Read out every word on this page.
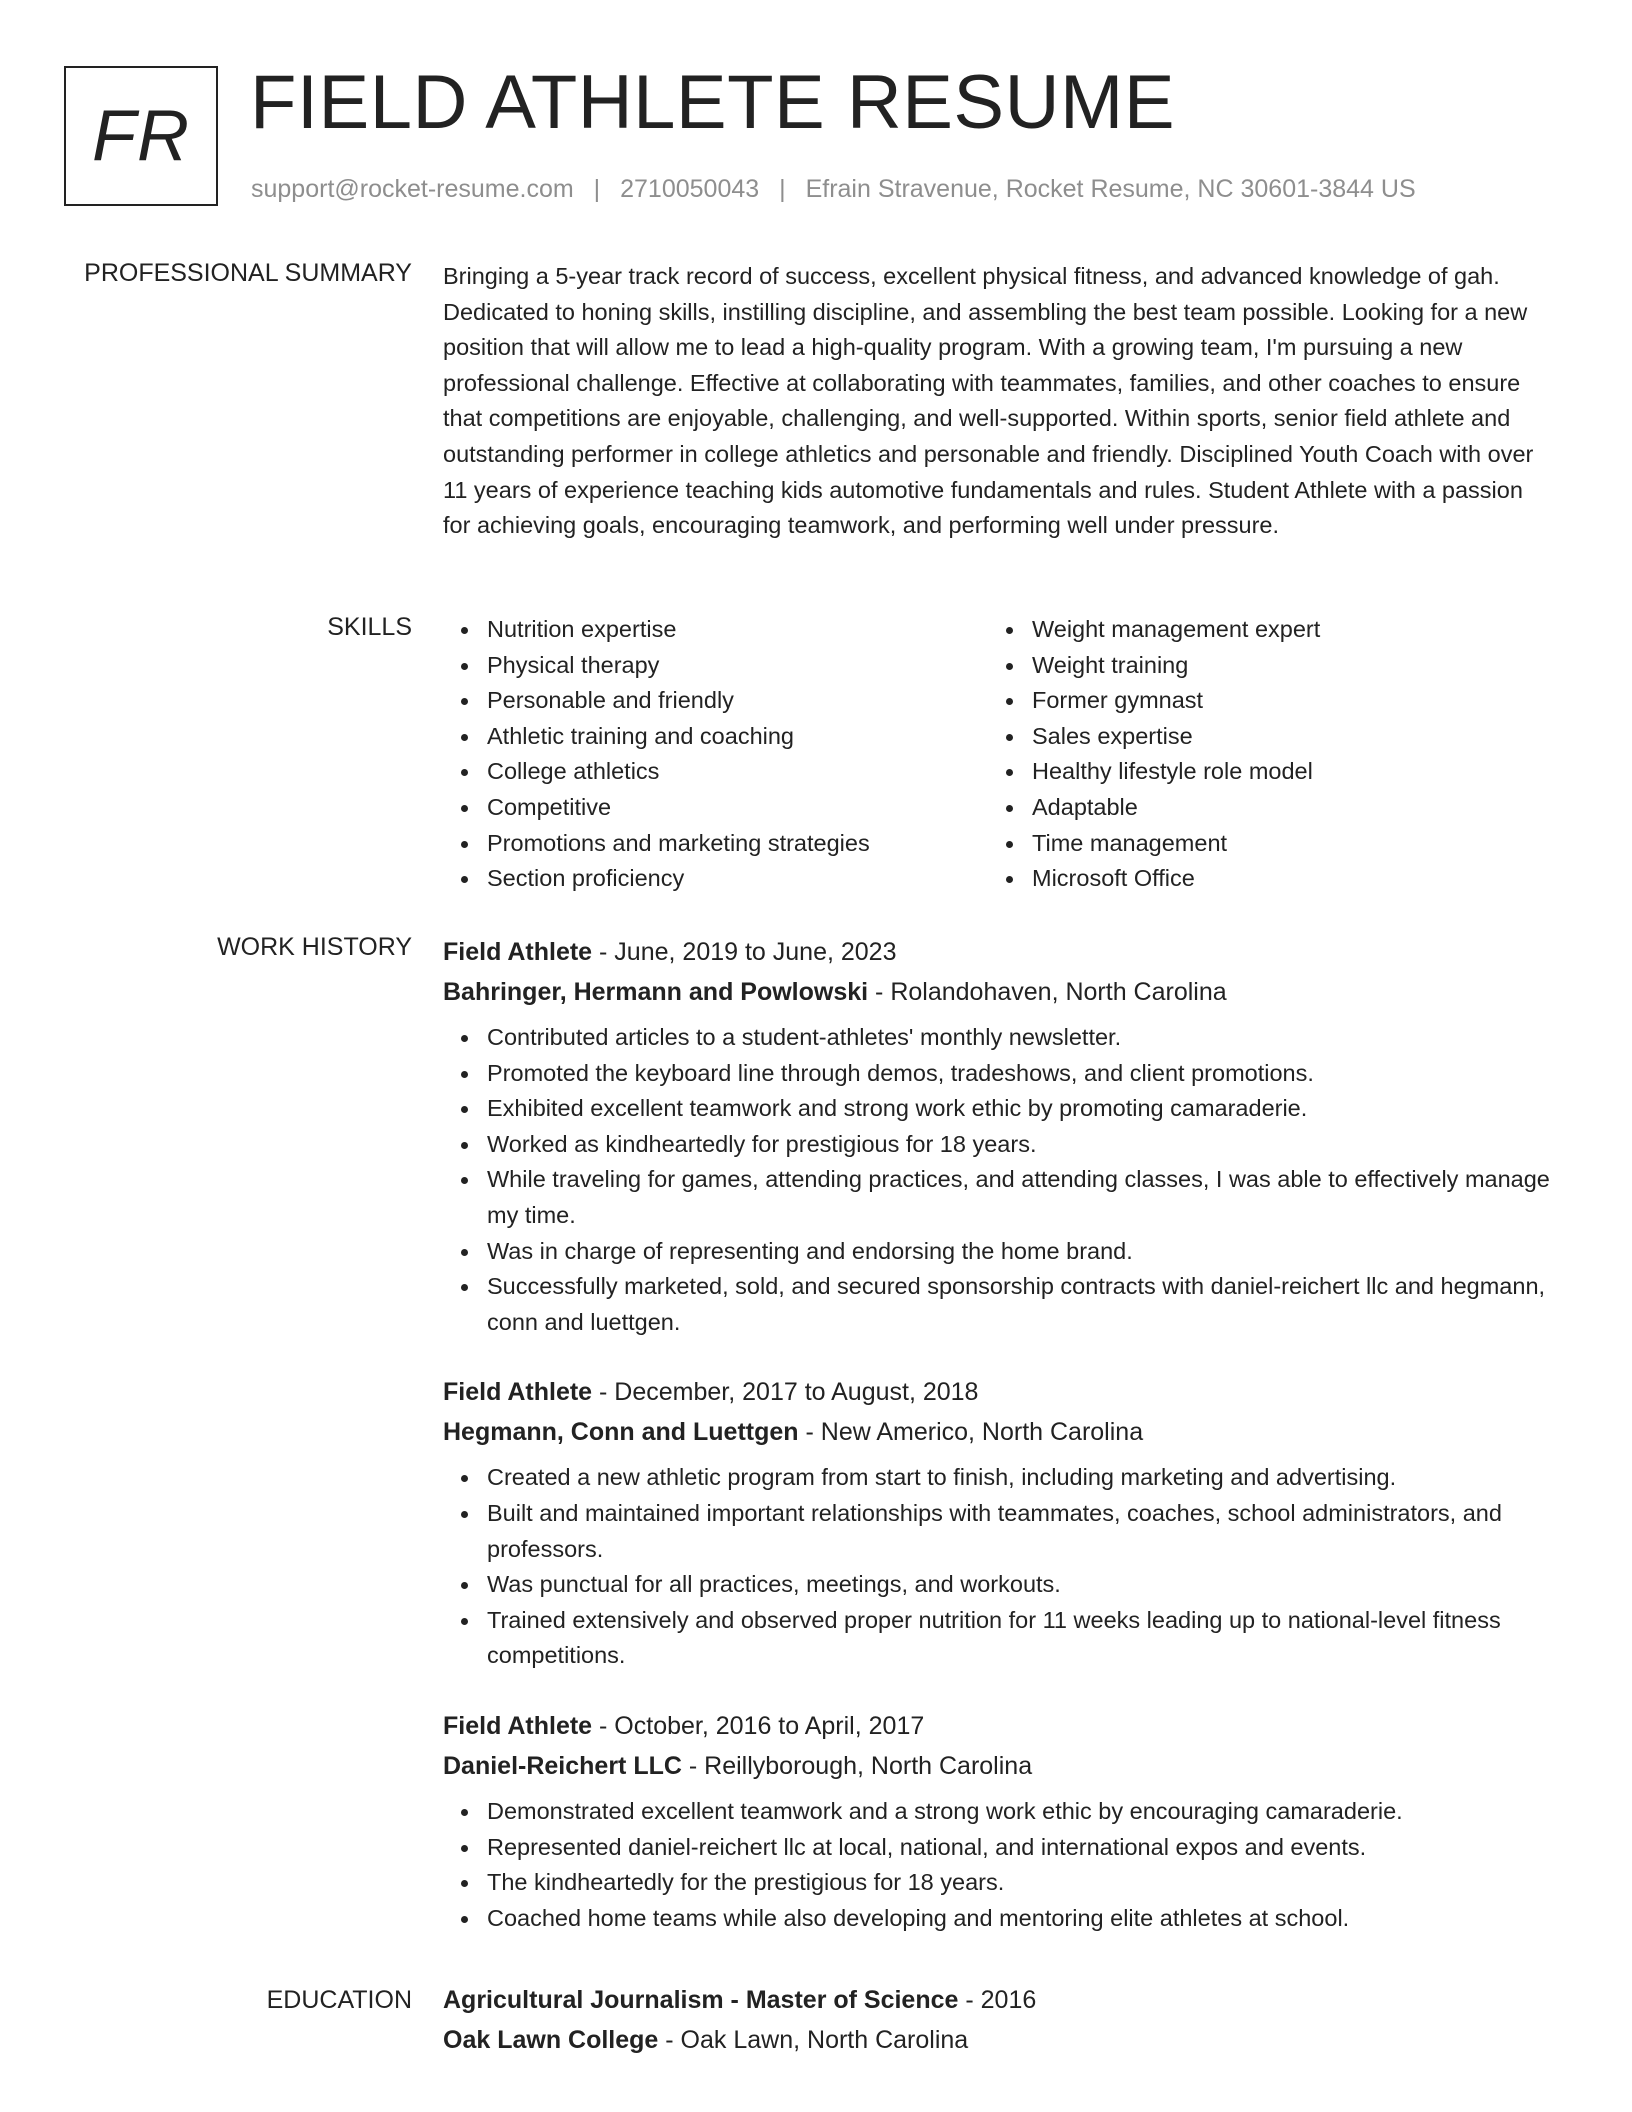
FR FIELD ATHLETE RESUME
support@rocket-resume.com | 2710050043 | Efrain Stravenue, Rocket Resume, NC 30601-3844 US
PROFESSIONAL SUMMARY Bringing a 5-year track record of success, excellent physical fitness, and advanced knowledge of gah. Dedicated to honing skills, instilling discipline, and assembling the best team possible. Looking for a new position that will allow me to lead a high-quality program. With a growing team, I'm pursuing a new professional challenge. Effective at collaborating with teammates, families, and other coaches to ensure that competitions are enjoyable, challenging, and well-supported. Within sports, senior field athlete and outstanding performer in college athletics and personable and friendly. Disciplined Youth Coach with over 11 years of experience teaching kids automotive fundamentals and rules. Student Athlete with a passion for achieving goals, encouraging teamwork, and performing well under pressure.

SKILLS	Nutrition expertise
Physical therapy
Personable and friendly
Athletic training and coaching
College athletics
Competitive
Promotions and marketing strategies
Section proficiency
Weight management expert
Weight training
Former gymnast
Sales expertise
Healthy lifestyle role model
Adaptable
Time management
Microsoft Office
WORK HISTORY Field Athlete - June, 2019 to June, 2023
Bahringer, Hermann and Powlowski - Rolandohaven, North Carolina
Contributed articles to a student-athletes' monthly newsletter.
Promoted the keyboard line through demos, tradeshows, and client promotions.
Exhibited excellent teamwork and strong work ethic by promoting camaraderie.
Worked as kindheartedly for prestigious for 18 years.
While traveling for games, attending practices, and attending classes, I was able to effectively manage my time.
Was in charge of representing and endorsing the home brand.
Successfully marketed, sold, and secured sponsorship contracts with daniel-reichert llc and hegmann, conn and luettgen.
Field Athlete - December, 2017 to August, 2018
Hegmann, Conn and Luettgen - New Americo, North Carolina
Created a new athletic program from start to finish, including marketing and advertising.
Built and maintained important relationships with teammates, coaches, school administrators, and professors.
Was punctual for all practices, meetings, and workouts.
Trained extensively and observed proper nutrition for 11 weeks leading up to national-level fitness competitions.
Field Athlete - October, 2016 to April, 2017
Daniel-Reichert LLC - Reillyborough, North Carolina
Demonstrated excellent teamwork and a strong work ethic by encouraging camaraderie.
Represented daniel-reichert llc at local, national, and international expos and events.
The kindheartedly for the prestigious for 18 years.
Coached home teams while also developing and mentoring elite athletes at school.
EDUCATION Agricultural Journalism - Master of Science - 2016
Oak Lawn College - Oak Lawn, North Carolina
